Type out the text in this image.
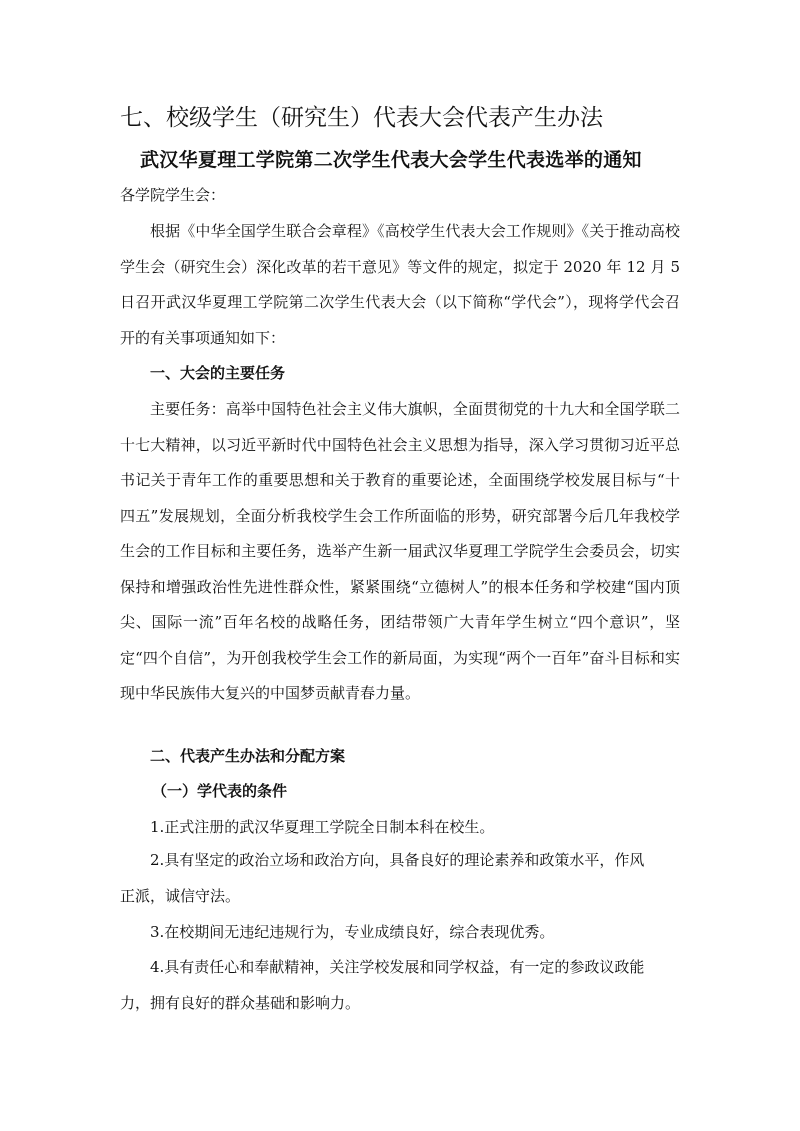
七、校级学生（研究生）代表大会代表产生办法
武汉华夏理工学院第二次学生代表大会学生代表选举的通知
各学院学生会：

根据《中华全国学生联合会章程》《高校学生代表大会工作规则》《关于推动高校学生会（研究生会）深化改革的若干意见》等文件的规定，拟定于 2020 年 12 月 5 日召开武汉华夏理工学院第二次学生代表大会（以下简称“学代会”），现将学代会召开的有关事项通知如下：

一、大会的主要任务

主要任务：高举中国特色社会主义伟大旗帜，全面贯彻党的十九大和全国学联二十七大精神，以习近平新时代中国特色社会主义思想为指导，深入学习贯彻习近平总书记关于青年工作的重要思想和关于教育的重要论述，全面围绕学校发展目标与“十四五”发展规划，全面分析我校学生会工作所面临的形势，研究部署今后几年我校学生会的工作目标和主要任务，选举产生新一届武汉华夏理工学院学生会委员会，切实保持和增强政治性先进性群众性，紧紧围绕“立德树人”的根本任务和学校建“国内顶尖、国际一流”百年名校的战略任务，团结带领广大青年学生树立“四个意识”，坚定“四个自信”，为开创我校学生会工作的新局面，为实现“两个一百年”奋斗目标和实现中华民族伟大复兴的中国梦贡献青春力量。

二、代表产生办法和分配方案
（一）学代表的条件
1.正式注册的武汉华夏理工学院全日制本科在校生。
2.具有坚定的政治立场和政治方向，具备良好的理论素养和政策水平，作风
正派，诚信守法。
3.在校期间无违纪违规行为，专业成绩良好，综合表现优秀。
4.具有责任心和奉献精神，关注学校发展和同学权益，有一定的参政议政能
力，拥有良好的群众基础和影响力。
